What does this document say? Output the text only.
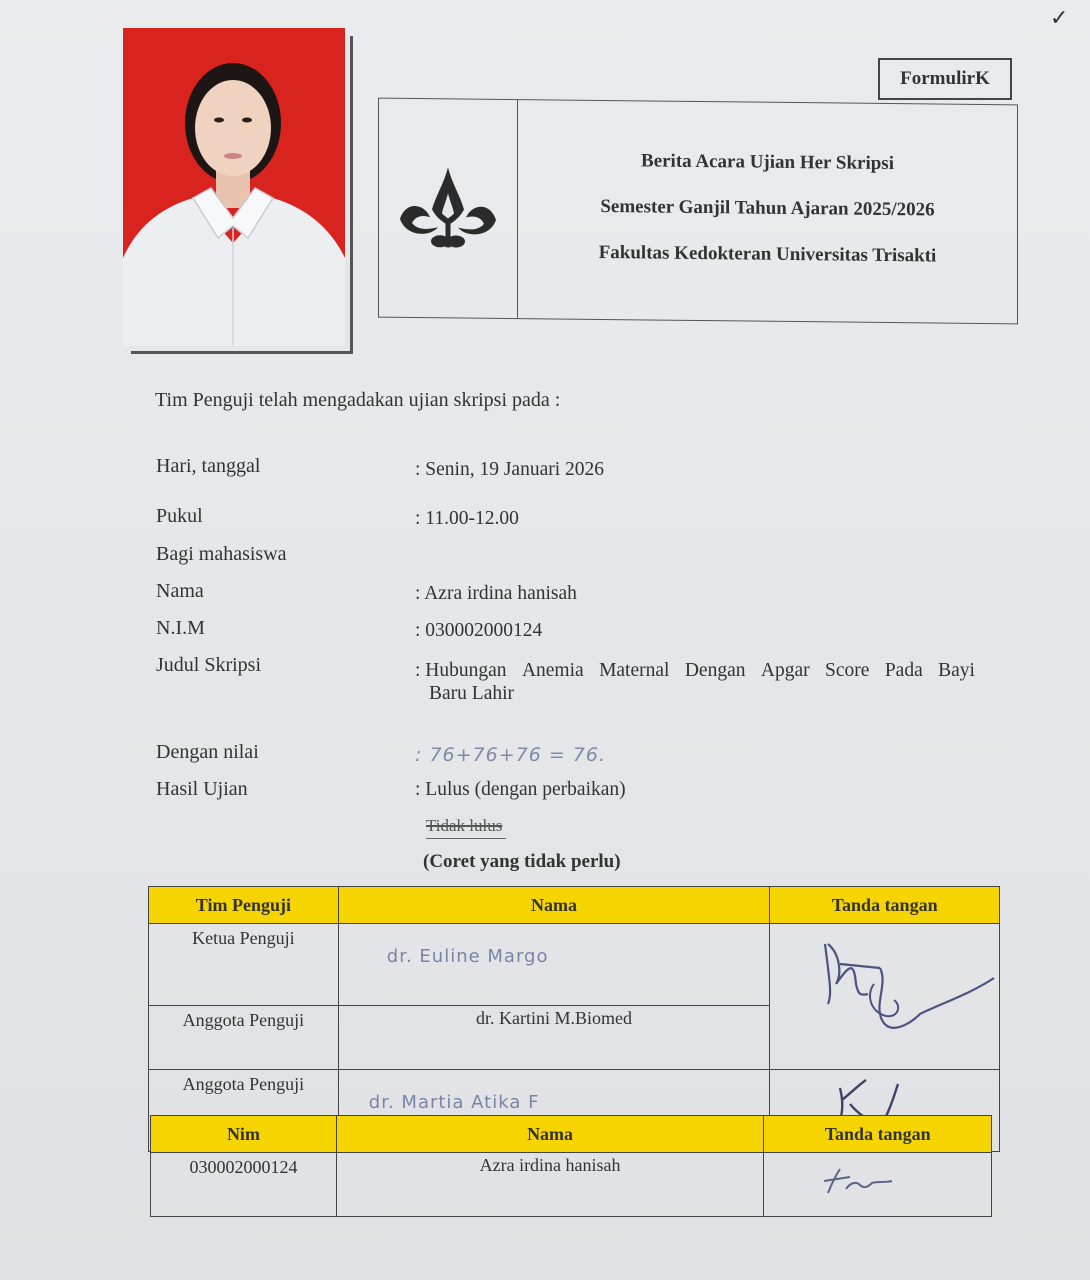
✓
FormulirK
Berita Acara Ujian Her Skripsi
Semester Ganjil Tahun Ajaran 2025/2026
Fakultas Kedokteran Universitas Trisakti
Tim Penguji telah mengadakan ujian skripsi pada :
Hari, tanggal	: Senin, 19 Januari 2026
Pukul	: 11.00-12.00
Bagi mahasiswa
Nama	: Azra irdina hanisah
N.I.M	: 030002000124
Judul Skripsi	: Hubungan Anemia Maternal Dengan Apgar Score Pada Bayi
Baru Lahir
Dengan nilai	: 76+76+76 = 76.
Hasil Ujian	: Lulus (dengan perbaikan)
Tidak lulus
(Coret yang tidak perlu)
Tim Penguji	Nama	Tanda tangan
Ketua Penguji	dr. Euline Margo	

Anggota Penguji	dr. Kartini M.Biomed	
Anggota Penguji	dr. Martia Atika F	
Nim	Nama	Tanda tangan
030002000124	Azra irdina hanisah	
